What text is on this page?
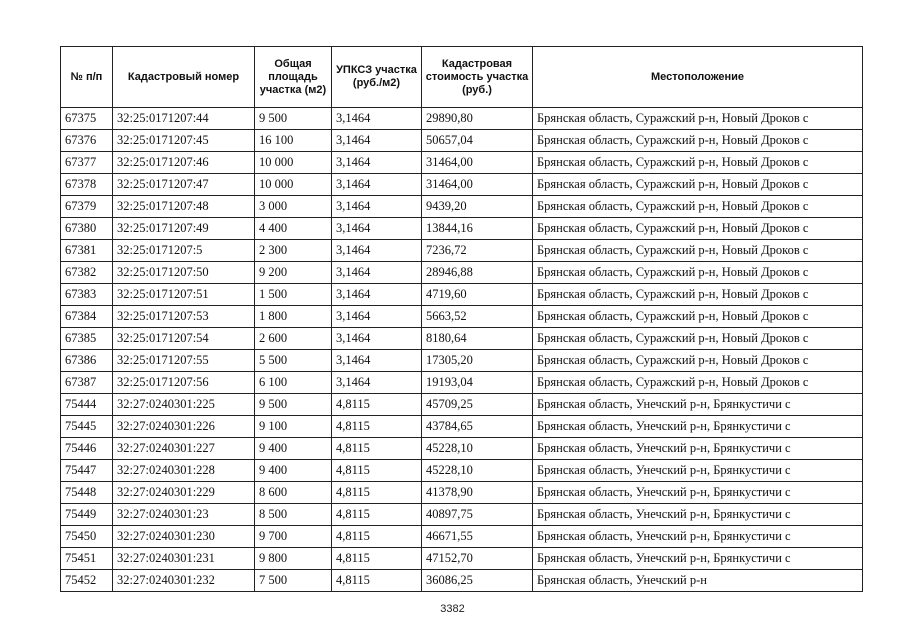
№ п/п	Кадастровый номер	Общая площадь участка (м2)	УПКСЗ участка (руб./м2)	Кадастровая стоимость участка (руб.)	Местоположение
67375	32:25:0171207:44	9 500	3,1464	29890,80	Брянская область, Суражский р-н, Новый Дроков с
67376	32:25:0171207:45	16 100	3,1464	50657,04	Брянская область, Суражский р-н, Новый Дроков с
67377	32:25:0171207:46	10 000	3,1464	31464,00	Брянская область, Суражский р-н, Новый Дроков с
67378	32:25:0171207:47	10 000	3,1464	31464,00	Брянская область, Суражский р-н, Новый Дроков с
67379	32:25:0171207:48	3 000	3,1464	9439,20	Брянская область, Суражский р-н, Новый Дроков с
67380	32:25:0171207:49	4 400	3,1464	13844,16	Брянская область, Суражский р-н, Новый Дроков с
67381	32:25:0171207:5	2 300	3,1464	7236,72	Брянская область, Суражский р-н, Новый Дроков с
67382	32:25:0171207:50	9 200	3,1464	28946,88	Брянская область, Суражский р-н, Новый Дроков с
67383	32:25:0171207:51	1 500	3,1464	4719,60	Брянская область, Суражский р-н, Новый Дроков с
67384	32:25:0171207:53	1 800	3,1464	5663,52	Брянская область, Суражский р-н, Новый Дроков с
67385	32:25:0171207:54	2 600	3,1464	8180,64	Брянская область, Суражский р-н, Новый Дроков с
67386	32:25:0171207:55	5 500	3,1464	17305,20	Брянская область, Суражский р-н, Новый Дроков с
67387	32:25:0171207:56	6 100	3,1464	19193,04	Брянская область, Суражский р-н, Новый Дроков с
75444	32:27:0240301:225	9 500	4,8115	45709,25	Брянская область, Унечский р-н, Брянкустичи с
75445	32:27:0240301:226	9 100	4,8115	43784,65	Брянская область, Унечский р-н, Брянкустичи с
75446	32:27:0240301:227	9 400	4,8115	45228,10	Брянская область, Унечский р-н, Брянкустичи с
75447	32:27:0240301:228	9 400	4,8115	45228,10	Брянская область, Унечский р-н, Брянкустичи с
75448	32:27:0240301:229	8 600	4,8115	41378,90	Брянская область, Унечский р-н, Брянкустичи с
75449	32:27:0240301:23	8 500	4,8115	40897,75	Брянская область, Унечский р-н, Брянкустичи с
75450	32:27:0240301:230	9 700	4,8115	46671,55	Брянская область, Унечский р-н, Брянкустичи с
75451	32:27:0240301:231	9 800	4,8115	47152,70	Брянская область, Унечский р-н, Брянкустичи с
75452	32:27:0240301:232	7 500	4,8115	36086,25	Брянская область, Унечский р-н
3382
